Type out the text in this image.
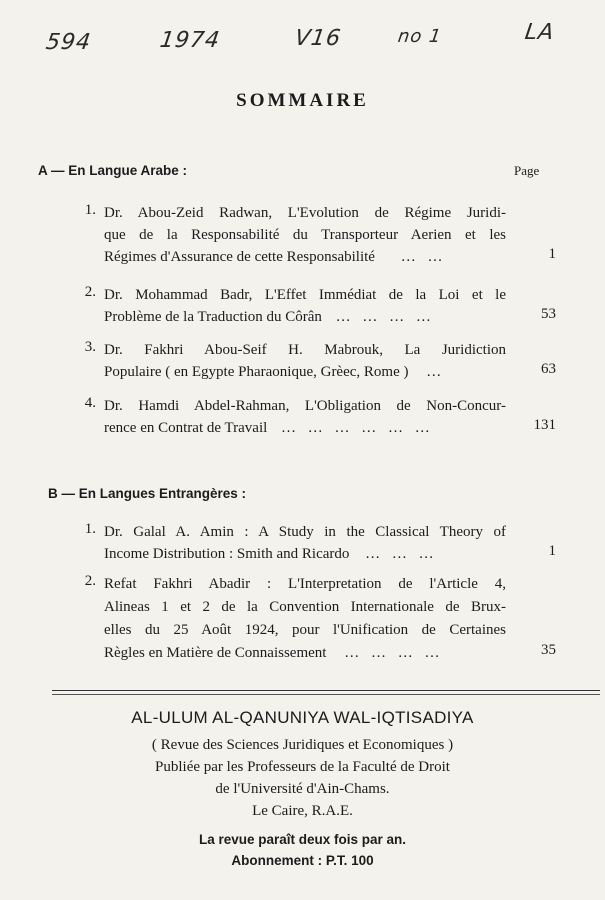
594	1974	V16	no 1	LA
SOMMAIRE
A — En Langue Arabe :	Page
1. Dr. Abou-Zeid Radwan, L'Evolution de Régime Juridi-
que de la Responsabilité du Transporteur Aerien et les
Régimes d'Assurance de cette Responsabilité … …	1
2. Dr. Mohammad Badr, L'Effet Immédiat de la Loi et le
Problème de la Traduction du Côrân … … … …	53
3. Dr. Fakhri Abou-Seif H. Mabrouk, La Juridiction
Populaire ( en Egypte Pharaonique, Grèec, Rome ) …	63
4. Dr. Hamdi Abdel-Rahman, L'Obligation de Non-Concur-
rence en Contrat de Travail … … … … … …	131
B — En Langues Entrangères :
1. Dr. Galal A. Amin : A Study in the Classical Theory of
Income Distribution : Smith and Ricardo … … …	1
2. Refat Fakhri Abadir : L'Interpretation de l'Article 4,
Alineas 1 et 2 de la Convention Internationale de Brux-
elles du 25 Août 1924, pour l'Unification de Certaines
Règles en Matière de Connaissement … … … …	35
AL-ULUM AL-QANUNIYA WAL-IQTISADIYA
( Revue des Sciences Juridiques et Economiques )
Publiée par les Professeurs de la Faculté de Droit
de l'Université d'Ain-Chams.
Le Caire, R.A.E.
La revue paraît deux fois par an.
Abonnement : P.T. 100
